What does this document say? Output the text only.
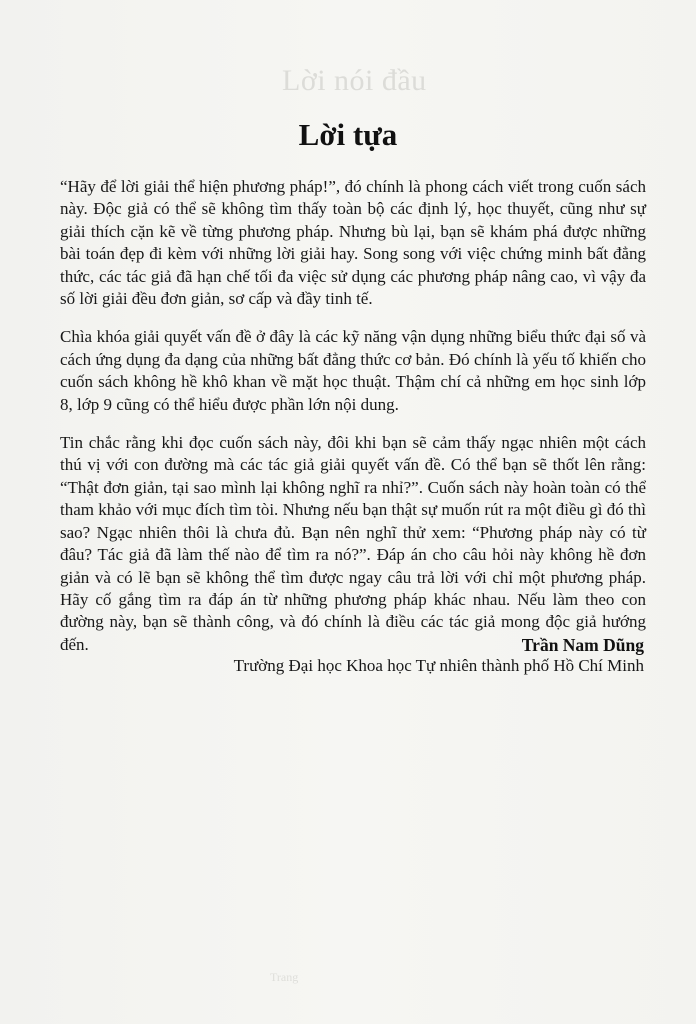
Lời nói đầu
Trang
Lời tựa

“Hãy để lời giải thể hiện phương pháp!”, đó chính là phong cách viết trong cuốn sách này. Độc giả có thể sẽ không tìm thấy toàn bộ các định lý, học thuyết, cũng như sự giải thích cặn kẽ về từng phương pháp. Nhưng bù lại, bạn sẽ khám phá được những bài toán đẹp đi kèm với những lời giải hay. Song song với việc chứng minh bất đẳng thức, các tác giả đã hạn chế tối đa việc sử dụng các phương pháp nâng cao, vì vậy đa số lời giải đều đơn giản, sơ cấp và đầy tinh tế.

Chìa khóa giải quyết vấn đề ở đây là các kỹ năng vận dụng những biểu thức đại số và cách ứng dụng đa dạng của những bất đẳng thức cơ bản. Đó chính là yếu tố khiến cho cuốn sách không hề khô khan về mặt học thuật. Thậm chí cả những em học sinh lớp 8, lớp 9 cũng có thể hiểu được phần lớn nội dung.

Tin chắc rằng khi đọc cuốn sách này, đôi khi bạn sẽ cảm thấy ngạc nhiên một cách thú vị với con đường mà các tác giả giải quyết vấn đề. Có thể bạn sẽ thốt lên rằng: “Thật đơn giản, tại sao mình lại không nghĩ ra nhỉ?”. Cuốn sách này hoàn toàn có thể tham khảo với mục đích tìm tòi. Nhưng nếu bạn thật sự muốn rút ra một điều gì đó thì sao? Ngạc nhiên thôi là chưa đủ. Bạn nên nghĩ thử xem: “Phương pháp này có từ đâu? Tác giả đã làm thế nào để tìm ra nó?”. Đáp án cho câu hỏi này không hề đơn giản và có lẽ bạn sẽ không thể tìm được ngay câu trả lời với chỉ một phương pháp. Hãy cố gắng tìm ra đáp án từ những phương pháp khác nhau. Nếu làm theo con đường này, bạn sẽ thành công, và đó chính là điều các tác giả mong độc giả hướng đến.	Trần Nam Dũng
Trường Đại học Khoa học Tự nhiên thành phố Hồ Chí Minh
